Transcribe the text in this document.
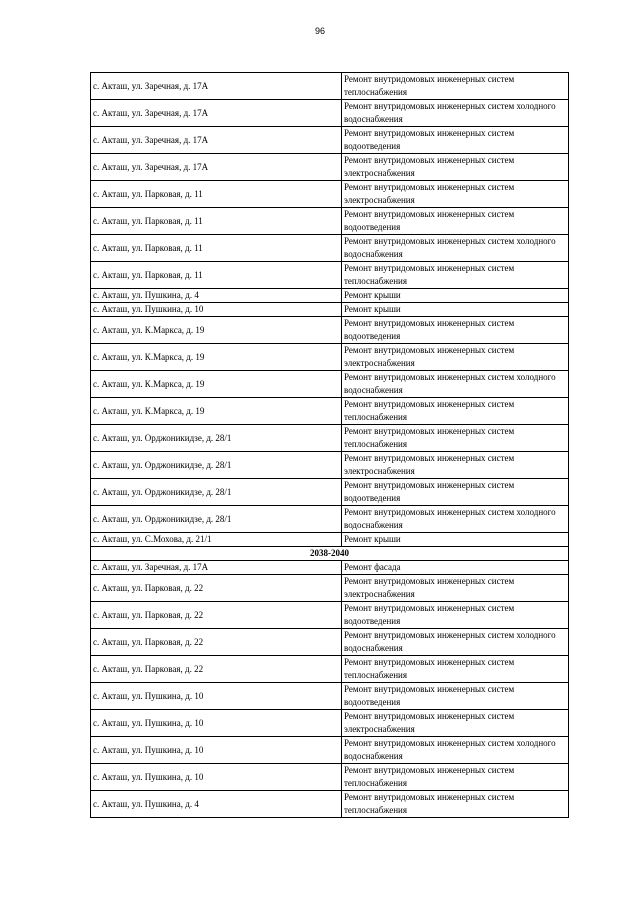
96
с. Акташ, ул. Заречная, д. 17А	Ремонт внутридомовых инженерных систем теплоснабжения
с. Акташ, ул. Заречная, д. 17А	Ремонт внутридомовых инженерных систем холодного водоснабжения
с. Акташ, ул. Заречная, д. 17А	Ремонт внутридомовых инженерных систем водоотведения
с. Акташ, ул. Заречная, д. 17А	Ремонт внутридомовых инженерных систем электроснабжения
с. Акташ, ул. Парковая, д. 11	Ремонт внутридомовых инженерных систем электроснабжения
с. Акташ, ул. Парковая, д. 11	Ремонт внутридомовых инженерных систем водоотведения
с. Акташ, ул. Парковая, д. 11	Ремонт внутридомовых инженерных систем холодного водоснабжения
с. Акташ, ул. Парковая, д. 11	Ремонт внутридомовых инженерных систем теплоснабжения
с. Акташ, ул. Пушкина, д. 4	Ремонт крыши
с. Акташ, ул. Пушкина, д. 10	Ремонт крыши
с. Акташ, ул. К.Маркса, д. 19	Ремонт внутридомовых инженерных систем водоотведения
с. Акташ, ул. К.Маркса, д. 19	Ремонт внутридомовых инженерных систем электроснабжения
с. Акташ, ул. К.Маркса, д. 19	Ремонт внутридомовых инженерных систем холодного водоснабжения
с. Акташ, ул. К.Маркса, д. 19	Ремонт внутридомовых инженерных систем теплоснабжения
с. Акташ, ул. Орджоникидзе, д. 28/1	Ремонт внутридомовых инженерных систем теплоснабжения
с. Акташ, ул. Орджоникидзе, д. 28/1	Ремонт внутридомовых инженерных систем электроснабжения
с. Акташ, ул. Орджоникидзе, д. 28/1	Ремонт внутридомовых инженерных систем водоотведения
с. Акташ, ул. Орджоникидзе, д. 28/1	Ремонт внутридомовых инженерных систем холодного водоснабжения
с. Акташ, ул. С.Мохова, д. 21/1	Ремонт крыши
2038-2040	
с. Акташ, ул. Заречная, д. 17А	Ремонт фасада
с. Акташ, ул. Парковая, д. 22	Ремонт внутридомовых инженерных систем электроснабжения
с. Акташ, ул. Парковая, д. 22	Ремонт внутридомовых инженерных систем водоотведения
с. Акташ, ул. Парковая, д. 22	Ремонт внутридомовых инженерных систем холодного водоснабжения
с. Акташ, ул. Парковая, д. 22	Ремонт внутридомовых инженерных систем теплоснабжения
с. Акташ, ул. Пушкина, д. 10	Ремонт внутридомовых инженерных систем водоотведения
с. Акташ, ул. Пушкина, д. 10	Ремонт внутридомовых инженерных систем электроснабжения
с. Акташ, ул. Пушкина, д. 10	Ремонт внутридомовых инженерных систем холодного водоснабжения
с. Акташ, ул. Пушкина, д. 10	Ремонт внутридомовых инженерных систем теплоснабжения
с. Акташ, ул. Пушкина, д. 4	Ремонт внутридомовых инженерных систем теплоснабжения
